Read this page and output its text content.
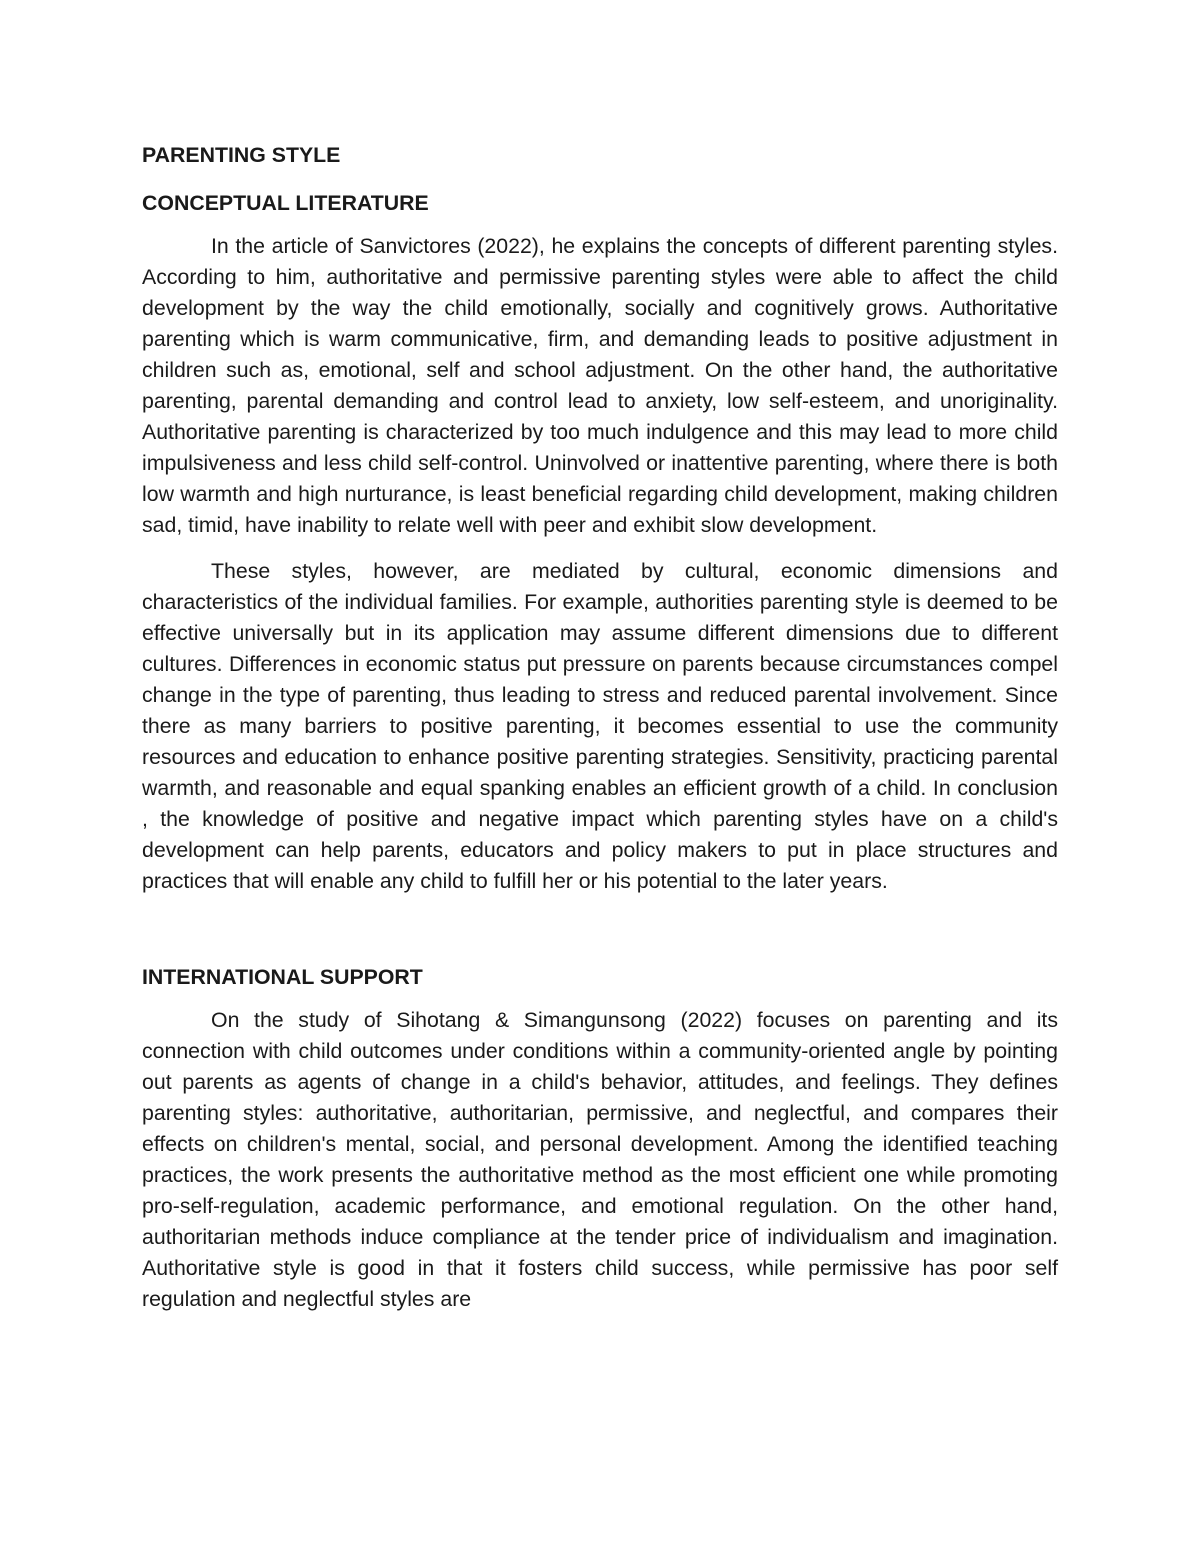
PARENTING STYLE

CONCEPTUAL LITERATURE

In the article of Sanvictores (2022), he explains the concepts of different parenting styles. According to him, authoritative and permissive parenting styles were able to affect the child development by the way the child emotionally, socially and cognitively grows. Authoritative parenting which is warm communicative, firm, and demanding leads to positive adjustment in children such as, emotional, self and school adjustment. On the other hand, the authoritative parenting, parental demanding and control lead to anxiety, low self-esteem, and unoriginality. Authoritative parenting is characterized by too much indulgence and this may lead to more child impulsiveness and less child self-control. Uninvolved or inattentive parenting, where there is both low warmth and high nurturance, is least beneficial regarding child development, making children sad, timid, have inability to relate well with peer and exhibit slow development.

These styles, however, are mediated by cultural, economic dimensions and characteristics of the individual families. For example, authorities parenting style is deemed to be effective universally but in its application may assume different dimensions due to different cultures. Differences in economic status put pressure on parents because circumstances compel change in the type of parenting, thus leading to stress and reduced parental involvement. Since there as many barriers to positive parenting, it becomes essential to use the community resources and education to enhance positive parenting strategies. Sensitivity, practicing parental warmth, and reasonable and equal spanking enables an efficient growth of a child. In conclusion , the knowledge of positive and negative impact which parenting styles have on a child's development can help parents, educators and policy makers to put in place structures and practices that will enable any child to fulfill her or his potential to the later years.

INTERNATIONAL SUPPORT

On the study of Sihotang & Simangunsong (2022) focuses on parenting and its connection with child outcomes under conditions within a community-oriented angle by pointing out parents as agents of change in a child's behavior, attitudes, and feelings. They defines parenting styles: authoritative, authoritarian, permissive, and neglectful, and compares their effects on children's mental, social, and personal development. Among the identified teaching practices, the work presents the authoritative method as the most efficient one while promoting pro-self-regulation, academic performance, and emotional regulation. On the other hand, authoritarian methods induce compliance at the tender price of individualism and imagination. Authoritative style is good in that it fosters child success, while permissive has poor self regulation and neglectful styles are
